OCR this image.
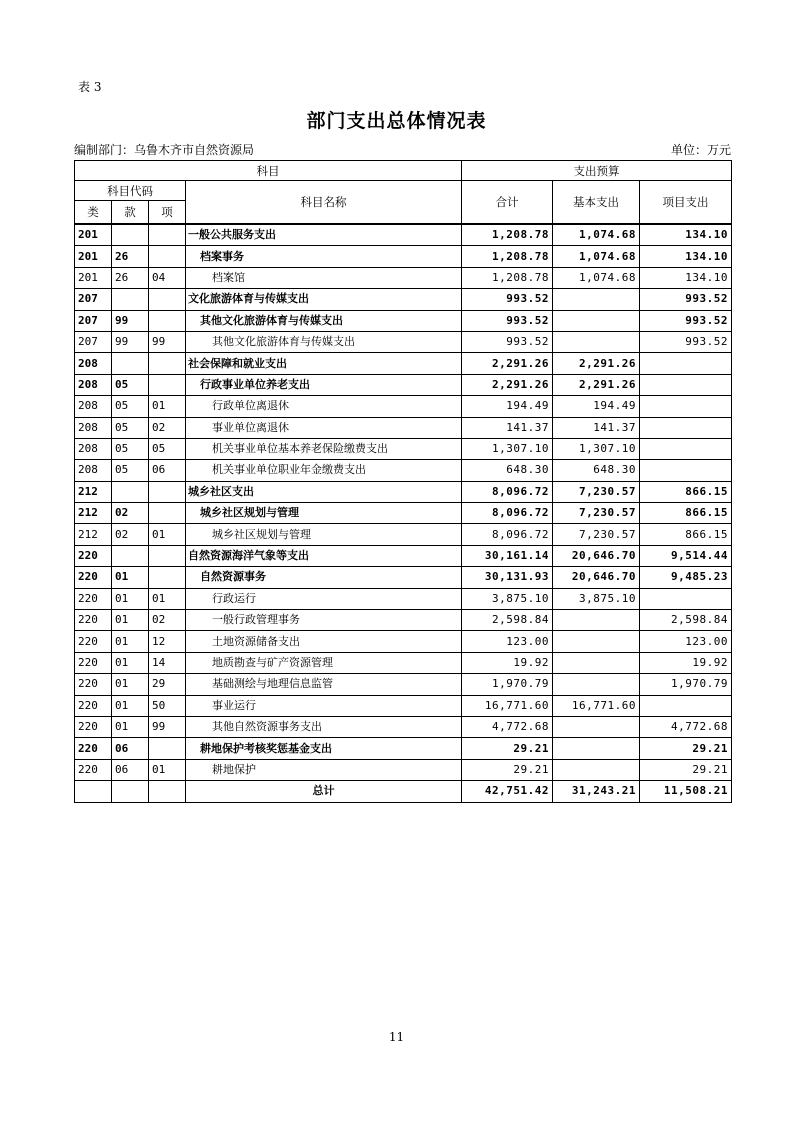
表 3
部门支出总体情况表
编制部门：乌鲁木齐市自然资源局	单位：万元
科目				支出预算		
科目代码			科目名称	合计	基本支出	项目支出
类	款	项				
201			一般公共服务支出	1,208.78	1,074.68	134.10
201	26		档案事务	1,208.78	1,074.68	134.10
201	26	04	档案馆	1,208.78	1,074.68	134.10
207			文化旅游体育与传媒支出	993.52		993.52
207	99		其他文化旅游体育与传媒支出	993.52		993.52
207	99	99	其他文化旅游体育与传媒支出	993.52		993.52
208			社会保障和就业支出	2,291.26	2,291.26	
208	05		行政事业单位养老支出	2,291.26	2,291.26	
208	05	01	行政单位离退休	194.49	194.49	
208	05	02	事业单位离退休	141.37	141.37	
208	05	05	机关事业单位基本养老保险缴费支出	1,307.10	1,307.10	
208	05	06	机关事业单位职业年金缴费支出	648.30	648.30	
212			城乡社区支出	8,096.72	7,230.57	866.15
212	02		城乡社区规划与管理	8,096.72	7,230.57	866.15
212	02	01	城乡社区规划与管理	8,096.72	7,230.57	866.15
220			自然资源海洋气象等支出	30,161.14	20,646.70	9,514.44
220	01		自然资源事务	30,131.93	20,646.70	9,485.23
220	01	01	行政运行	3,875.10	3,875.10	
220	01	02	一般行政管理事务	2,598.84		2,598.84
220	01	12	土地资源储备支出	123.00		123.00
220	01	14	地质勘查与矿产资源管理	19.92		19.92
220	01	29	基础测绘与地理信息监管	1,970.79		1,970.79
220	01	50	事业运行	16,771.60	16,771.60	
220	01	99	其他自然资源事务支出	4,772.68		4,772.68
220	06		耕地保护考核奖惩基金支出	29.21		29.21
220	06	01	耕地保护	29.21		29.21
			总计	42,751.42	31,243.21	11,508.21
11
